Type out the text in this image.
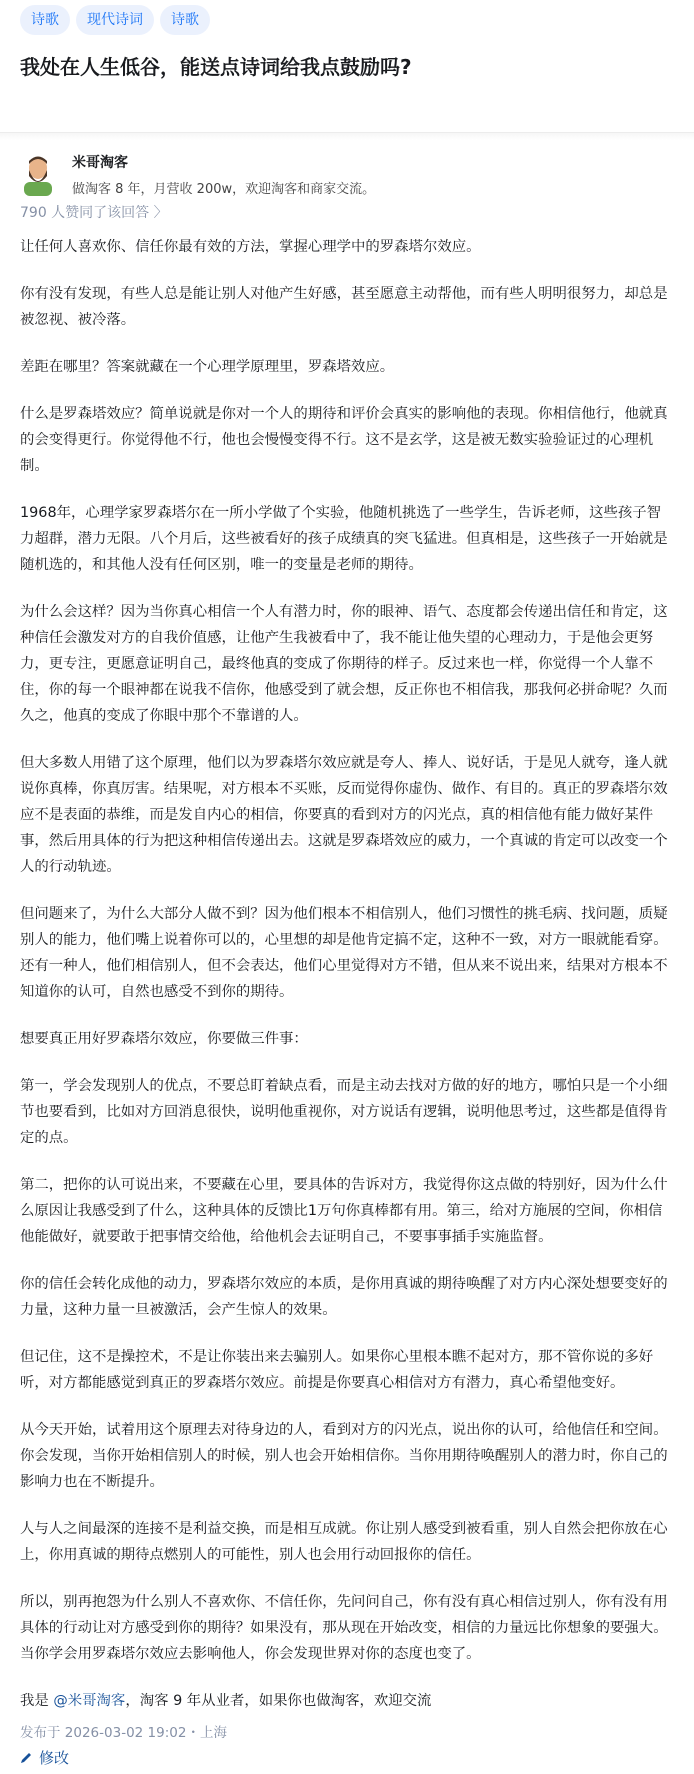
诗歌	现代诗词	诗歌
我处在人生低谷，能送点诗词给我点鼓励吗?
米哥淘客
做淘客 8 年，月营收 200w，欢迎淘客和商家交流。
790 人赞同了该回答 〉

让任何人喜欢你、信任你最有效的方法，掌握心理学中的罗森塔尔效应。

你有没有发现，有些人总是能让别人对他产生好感，甚至愿意主动帮他，而有些人明明很努力，却总是被忽视、被冷落。

差距在哪里？答案就藏在一个心理学原理里，罗森塔效应。

什么是罗森塔效应？简单说就是你对一个人的期待和评价会真实的影响他的表现。你相信他行，他就真的会变得更行。你觉得他不行，他也会慢慢变得不行。这不是玄学，这是被无数实验验证过的心理机制。

1968年，心理学家罗森塔尔在一所小学做了个实验，他随机挑选了一些学生，告诉老师，这些孩子智力超群，潜力无限。八个月后，这些被看好的孩子成绩真的突飞猛进。但真相是，这些孩子一开始就是随机选的，和其他人没有任何区别，唯一的变量是老师的期待。

为什么会这样？因为当你真心相信一个人有潜力时，你的眼神、语气、态度都会传递出信任和肯定，这种信任会激发对方的自我价值感，让他产生我被看中了，我不能让他失望的心理动力，于是他会更努力，更专注，更愿意证明自己，最终他真的变成了你期待的样子。反过来也一样，你觉得一个人靠不住，你的每一个眼神都在说我不信你，他感受到了就会想，反正你也不相信我，那我何必拼命呢？久而久之，他真的变成了你眼中那个不靠谱的人。

但大多数人用错了这个原理，他们以为罗森塔尔效应就是夸人、捧人、说好话，于是见人就夸，逢人就说你真棒，你真厉害。结果呢，对方根本不买账，反而觉得你虚伪、做作、有目的。真正的罗森塔尔效应不是表面的恭维，而是发自内心的相信，你要真的看到对方的闪光点，真的相信他有能力做好某件事，然后用具体的行为把这种相信传递出去。这就是罗森塔效应的威力，一个真诚的肯定可以改变一个人的行动轨迹。

但问题来了，为什么大部分人做不到？因为他们根本不相信别人，他们习惯性的挑毛病、找问题，质疑别人的能力，他们嘴上说着你可以的，心里想的却是他肯定搞不定，这种不一致，对方一眼就能看穿。还有一种人，他们相信别人，但不会表达，他们心里觉得对方不错，但从来不说出来，结果对方根本不知道你的认可，自然也感受不到你的期待。

想要真正用好罗森塔尔效应，你要做三件事：

第一，学会发现别人的优点，不要总盯着缺点看，而是主动去找对方做的好的地方，哪怕只是一个小细节也要看到，比如对方回消息很快，说明他重视你，对方说话有逻辑，说明他思考过，这些都是值得肯定的点。

第二，把你的认可说出来，不要藏在心里，要具体的告诉对方，我觉得你这点做的特别好，因为什么什么原因让我感受到了什么，这种具体的反馈比1万句你真棒都有用。第三，给对方施展的空间，你相信他能做好，就要敢于把事情交给他，给他机会去证明自己，不要事事插手实施监督。

你的信任会转化成他的动力，罗森塔尔效应的本质，是你用真诚的期待唤醒了对方内心深处想要变好的力量，这种力量一旦被激活，会产生惊人的效果。

但记住，这不是操控术，不是让你装出来去骗别人。如果你心里根本瞧不起对方，那不管你说的多好听，对方都能感觉到真正的罗森塔尔效应。前提是你要真心相信对方有潜力，真心希望他变好。

从今天开始，试着用这个原理去对待身边的人，看到对方的闪光点，说出你的认可，给他信任和空间。你会发现，当你开始相信别人的时候，别人也会开始相信你。当你用期待唤醒别人的潜力时，你自己的影响力也在不断提升。

人与人之间最深的连接不是利益交换，而是相互成就。你让别人感受到被看重，别人自然会把你放在心上，你用真诚的期待点燃别人的可能性，别人也会用行动回报你的信任。

所以，别再抱怨为什么别人不喜欢你、不信任你，先问问自己，你有没有真心相信过别人，你有没有用具体的行动让对方感受到你的期待？如果没有，那从现在开始改变，相信的力量远比你想象的要强大。当你学会用罗森塔尔效应去影响他人，你会发现世界对你的态度也变了。

我是 @米哥淘客，淘客 9 年从业者，如果你也做淘客，欢迎交流

发布于 2026-03-02 19:02・上海
修改
